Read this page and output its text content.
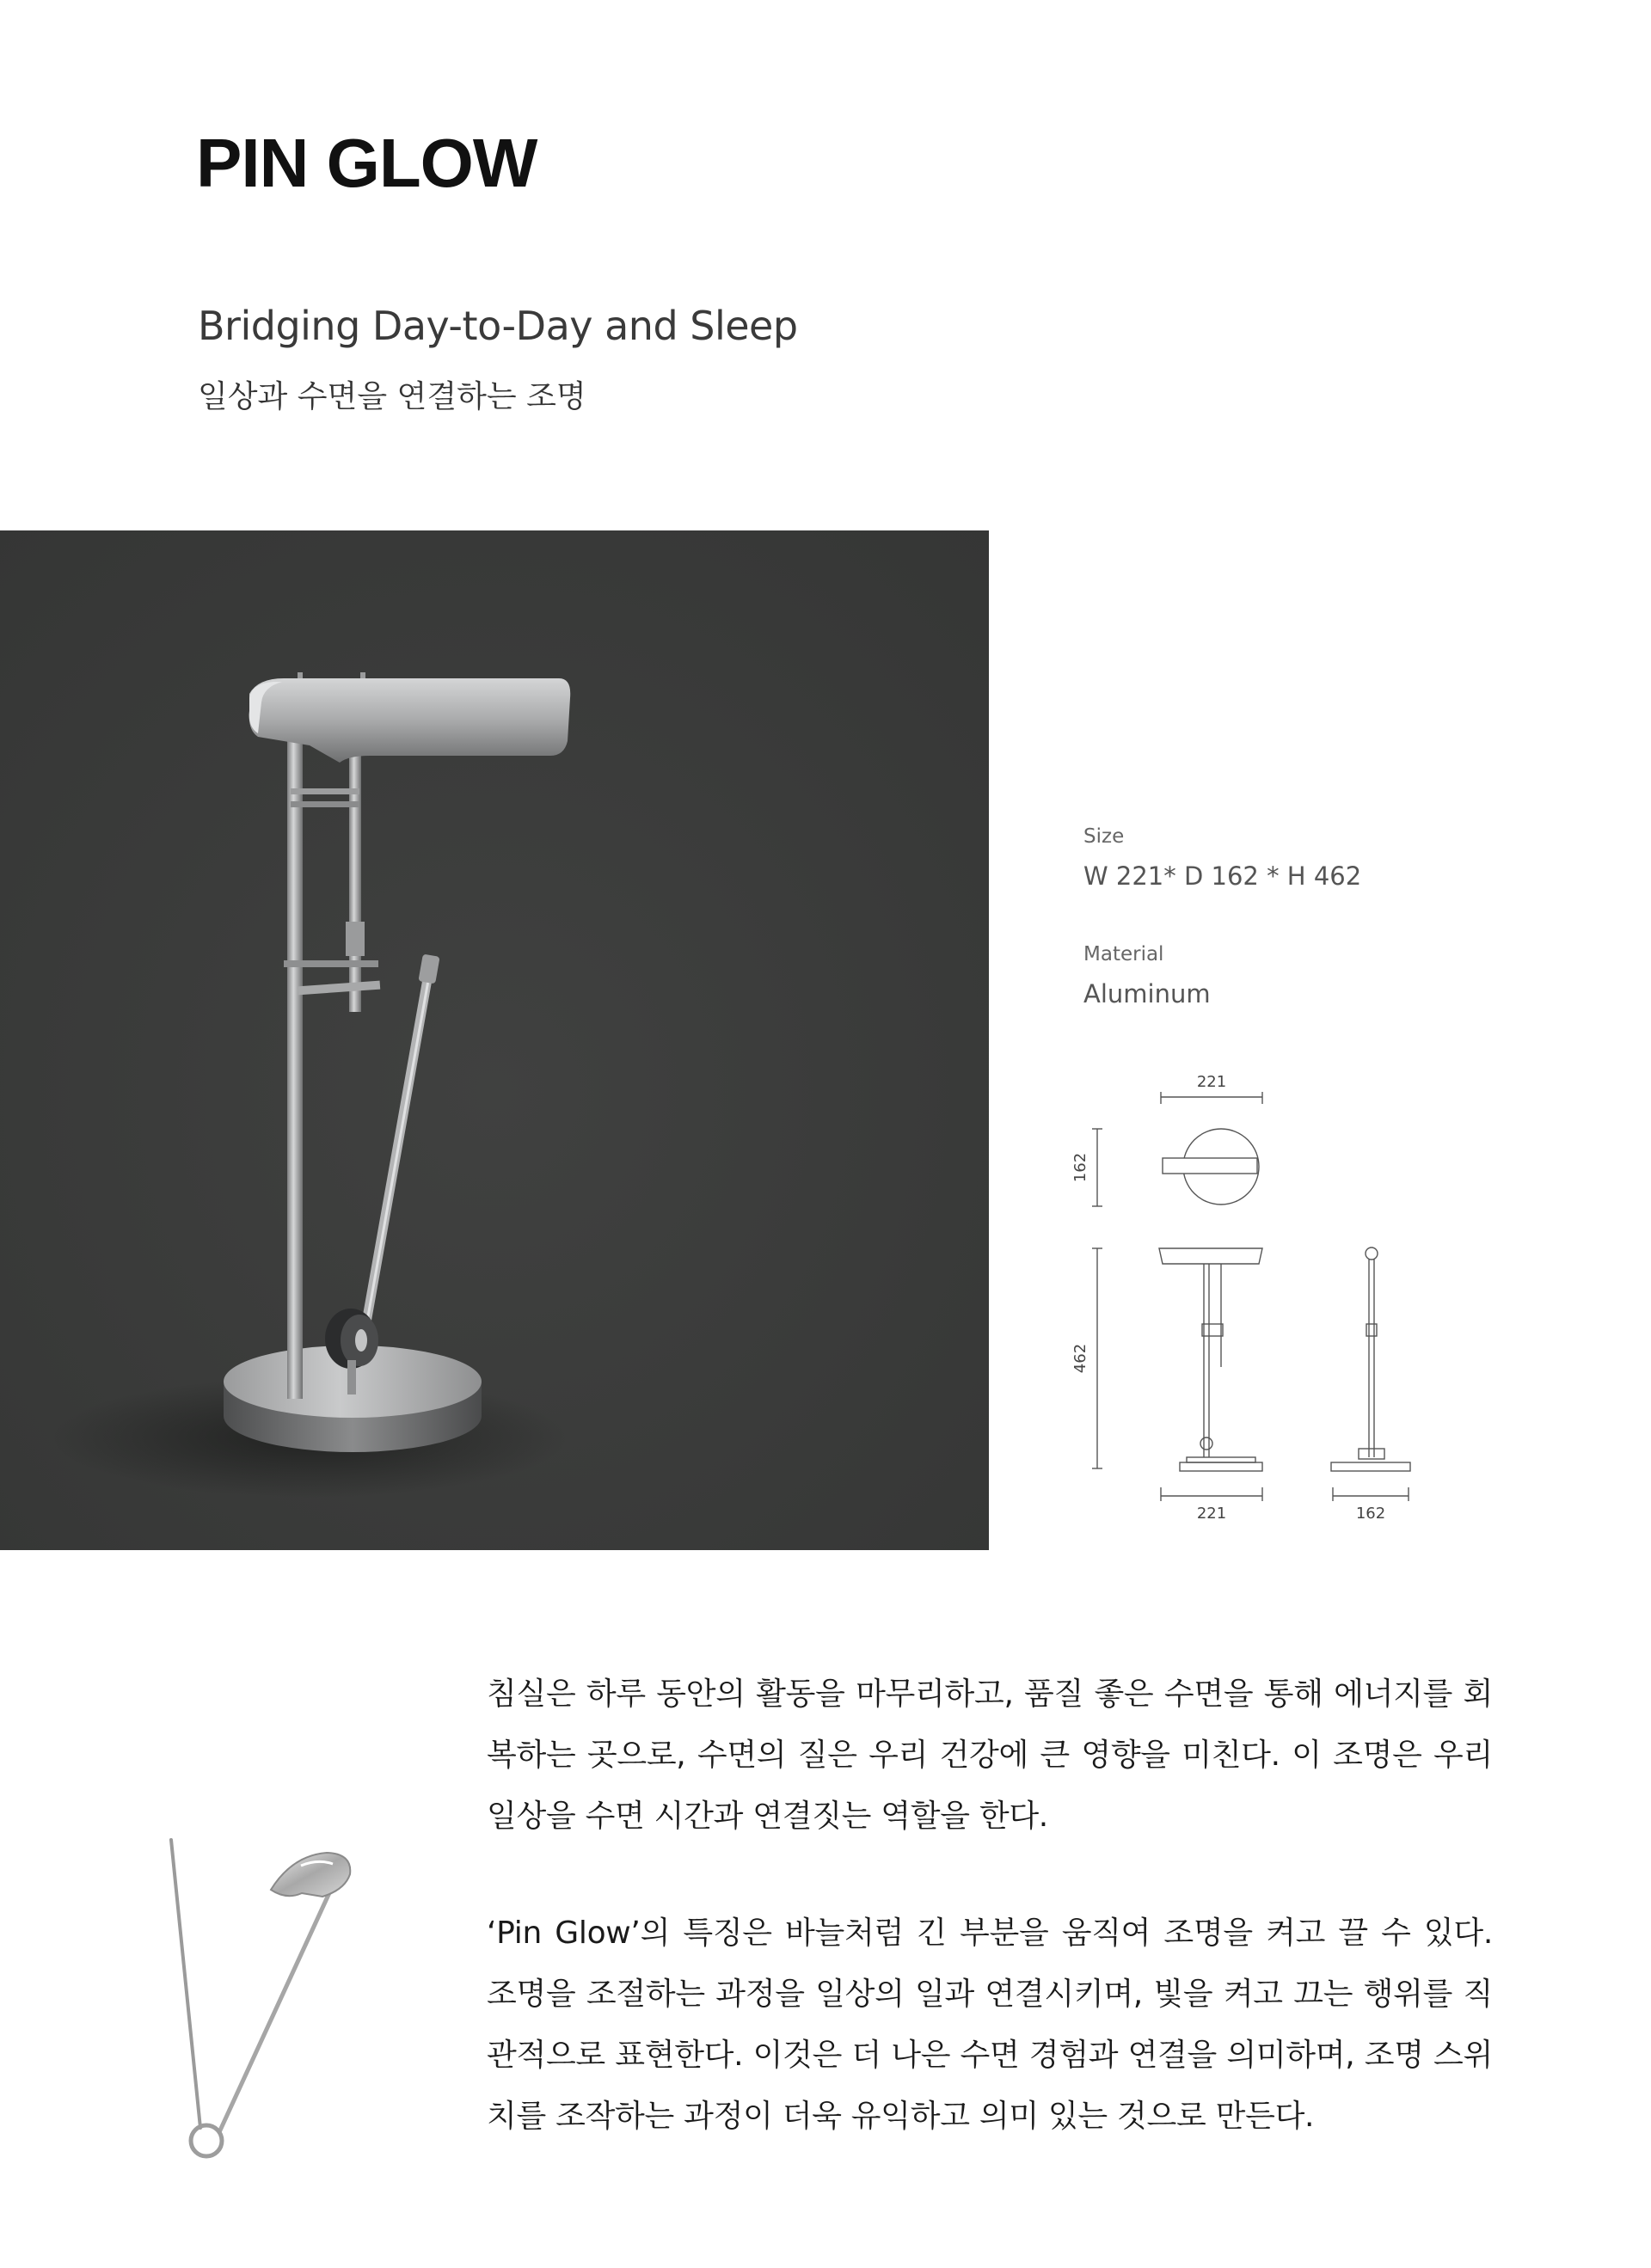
PIN GLOW
Bridging Day-to-Day and Sleep

일상과 수면을 연결하는 조명

Size

W 221* D 162 * H 462

Material

Aluminum

221
162
462
221	162

침실은 하루 동안의 활동을 마무리하고, 품질 좋은 수면을 통해 에너지를 회복하는 곳으로, 수면의 질은 우리 건강에 큰 영향을 미친다. 이 조명은 우리 일상을 수면 시간과 연결짓는 역할을 한다.

‘Pin Glow’의 특징은 바늘처럼 긴 부분을 움직여 조명을 켜고 끌 수 있다. 조명을 조절하는 과정을 일상의 일과 연결시키며, 빛을 켜고 끄는 행위를 직관적으로 표현한다. 이것은 더 나은 수면 경험과 연결을 의미하며, 조명 스위치를 조작하는 과정이 더욱 유익하고 의미 있는 것으로 만든다.
